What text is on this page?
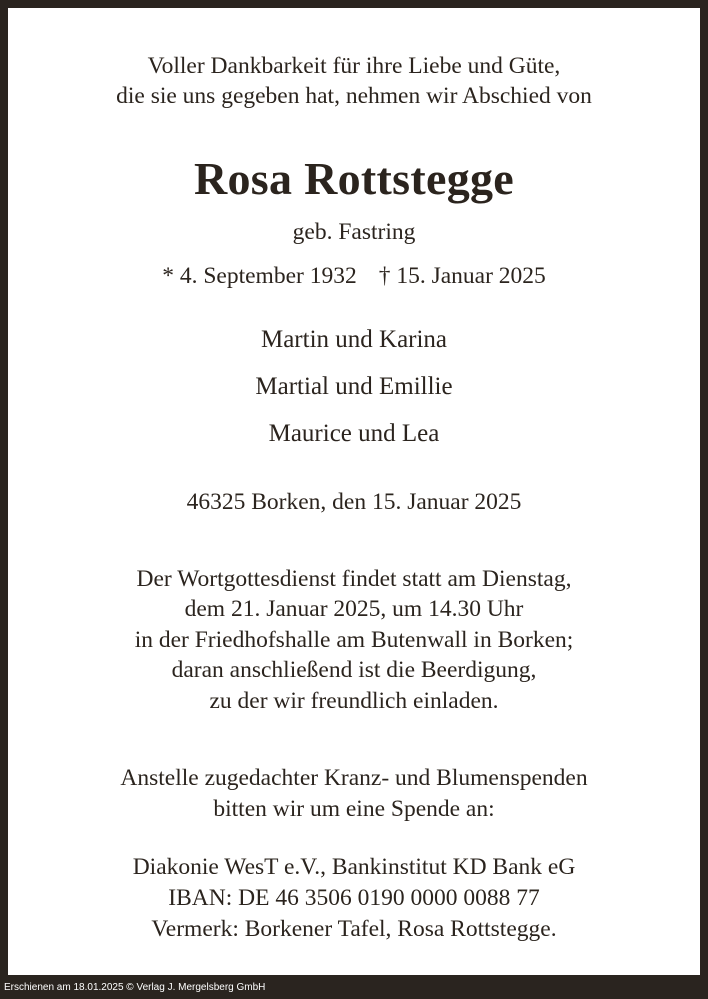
Voller Dankbarkeit für ihre Liebe und Güte,
die sie uns gegeben hat, nehmen wir Abschied von
Rosa Rottstegge
geb. Fastring
* 4. September 1932 † 15. Januar 2025
Martin und Karina
Martial und Emillie
Maurice und Lea
46325 Borken, den 15. Januar 2025
Der Wortgottesdienst findet statt am Dienstag,
dem 21. Januar 2025, um 14.30 Uhr
in der Friedhofshalle am Butenwall in Borken;
daran anschließend ist die Beerdigung,
zu der wir freundlich einladen.
Anstelle zugedachter Kranz- und Blumenspenden
bitten wir um eine Spende an:
Diakonie WesT e.V., Bankinstitut KD Bank eG
IBAN: DE 46 3506 0190 0000 0088 77
Vermerk: Borkener Tafel, Rosa Rottstegge.
Erschienen am 18.01.2025 © Verlag J. Mergelsberg GmbH
